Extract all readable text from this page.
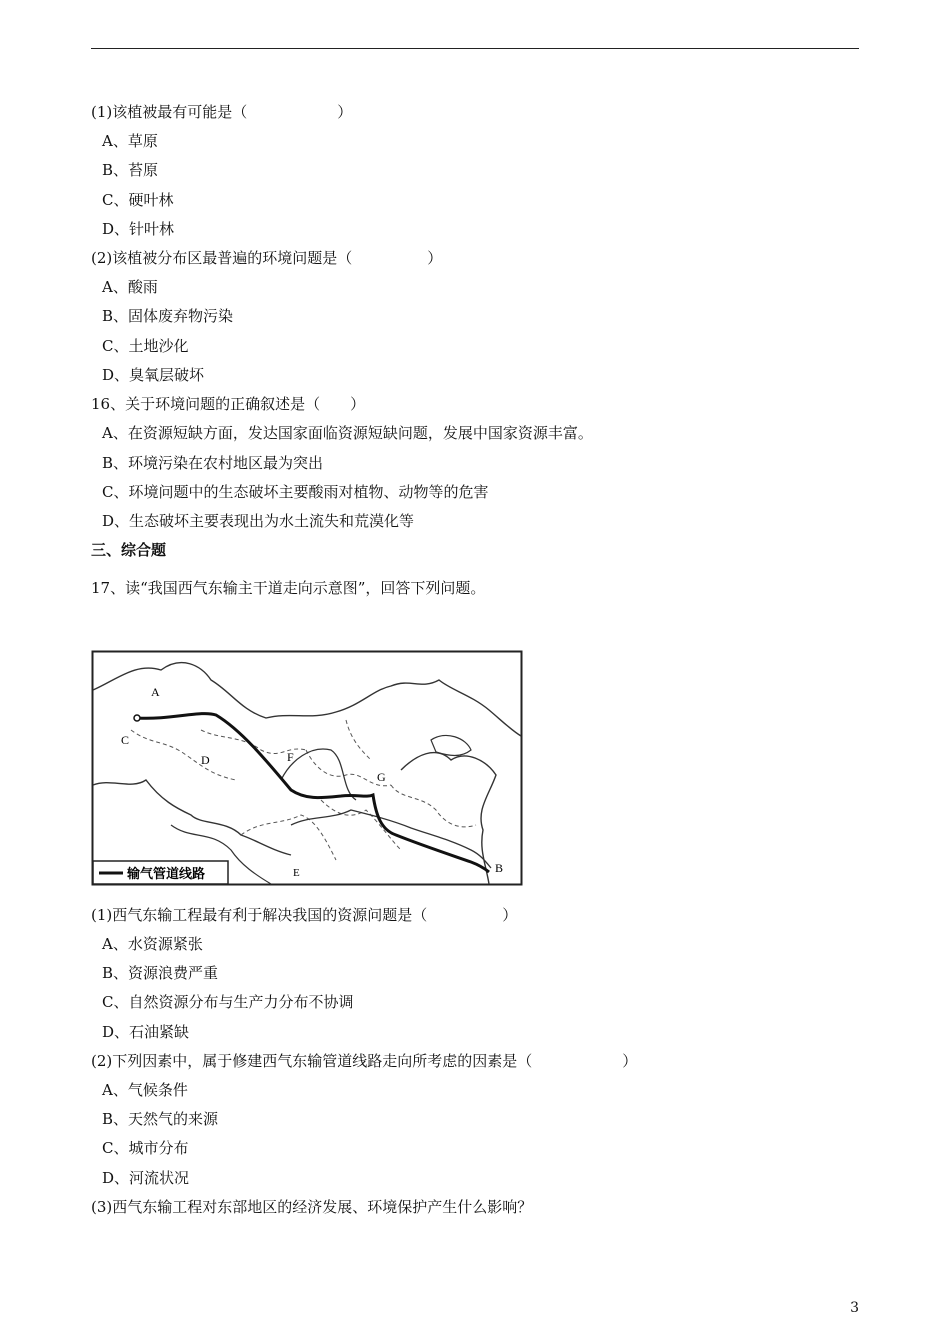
(1)该植被最有可能是（　　　　　　）
A、草原
B、苔原
C、硬叶林
D、针叶林
(2)该植被分布区最普遍的环境问题是（　　　　　）
A、酸雨
B、固体废弃物污染
C、土地沙化
D、臭氧层破坏
16、关于环境问题的正确叙述是（　　）
A、在资源短缺方面，发达国家面临资源短缺问题，发展中国家资源丰富。
B、环境污染在农村地区最为突出
C、环境问题中的生态破坏主要酸雨对植物、动物等的危害
D、生态破坏主要表现出为水土流失和荒漠化等
三、综合题
17、读“我国西气东输主干道走向示意图”，回答下列问题。
A
C
D	F
G
E	B
输气管道线路
(1)西气东输工程最有利于解决我国的资源问题是（　　　　　）
A、水资源紧张
B、资源浪费严重
C、自然资源分布与生产力分布不协调
D、石油紧缺
(2)下列因素中，属于修建西气东输管道线路走向所考虑的因素是（　　　　　　）
A、气候条件
B、天然气的来源
C、城市分布
D、河流状况
(3)西气东输工程对东部地区的经济发展、环境保护产生什么影响？
3
